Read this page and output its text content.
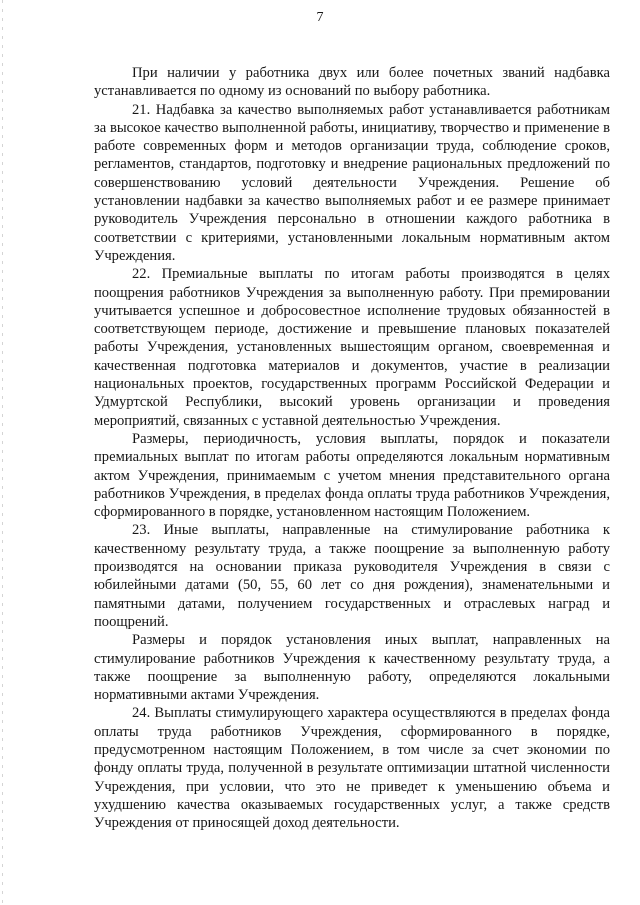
7

При наличии у работника двух или более почетных званий надбавка устанавливается по одному из оснований по выбору работника.

21. Надбавка за качество выполняемых работ устанавливается работникам за высокое качество выполненной работы, инициативу, творчество и применение в работе современных форм и методов организации труда, соблюдение сроков, регламентов, стандартов, подготовку и внедрение рациональных предложений по совершенствованию условий деятельности Учреждения. Решение об установлении надбавки за качество выполняемых работ и ее размере принимает руководитель Учреждения персонально в отношении каждого работника в соответствии с критериями, установленными локальным нормативным актом Учреждения.

22. Премиальные выплаты по итогам работы производятся в целях поощрения работников Учреждения за выполненную работу. При премировании учитывается успешное и добросовестное исполнение трудовых обязанностей в соответствующем периоде, достижение и превышение плановых показателей работы Учреждения, установленных вышестоящим органом, своевременная и качественная подготовка материалов и документов, участие в реализации национальных проектов, государственных программ Российской Федерации и Удмуртской Республики, высокий уровень организации и проведения мероприятий, связанных с уставной деятельностью Учреждения.

Размеры, периодичность, условия выплаты, порядок и показатели премиальных выплат по итогам работы определяются локальным нормативным актом Учреждения, принимаемым с учетом мнения представительного органа работников Учреждения, в пределах фонда оплаты труда работников Учреждения, сформированного в порядке, установленном настоящим Положением.

23. Иные выплаты, направленные на стимулирование работника к качественному результату труда, а также поощрение за выполненную работу производятся на основании приказа руководителя Учреждения в связи с юбилейными датами (50, 55, 60 лет со дня рождения), знаменательными и памятными датами, получением государственных и отраслевых наград и поощрений.

Размеры и порядок установления иных выплат, направленных на стимулирование работников Учреждения к качественному результату труда, а также поощрение за выполненную работу, определяются локальными нормативными актами Учреждения.

24. Выплаты стимулирующего характера осуществляются в пределах фонда оплаты труда работников Учреждения, сформированного в порядке, предусмотренном настоящим Положением, в том числе за счет экономии по фонду оплаты труда, полученной в результате оптимизации штатной численности Учреждения, при условии, что это не приведет к уменьшению объема и ухудшению качества оказываемых государственных услуг, а также средств Учреждения от приносящей доход деятельности.
